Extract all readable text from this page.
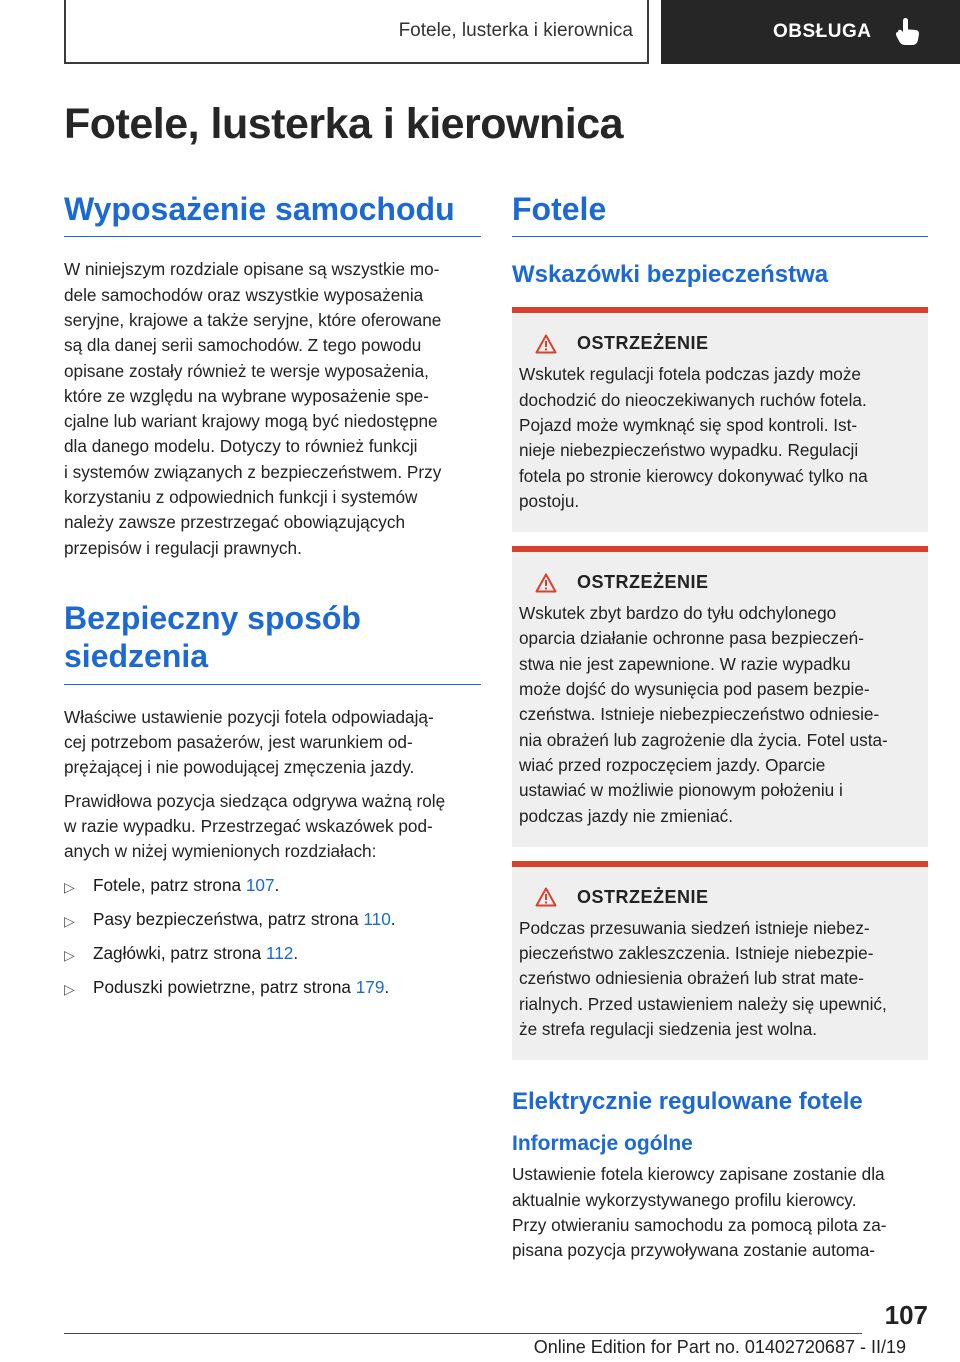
Fotele, lusterka i kierownica	OBSŁUGA
Fotele, lusterka i kierownica
Wyposażenie samochodu

W niniejszym rozdziale opisane są wszystkie mo-

dele samochodów oraz wszystkie wyposażenia

seryjne, krajowe a także seryjne, które oferowane

są dla danej serii samochodów. Z tego powodu

opisane zostały również te wersje wyposażenia,

które ze względu na wybrane wyposażenie spe-

cjalne lub wariant krajowy mogą być niedostępne

dla danego modelu. Dotyczy to również funkcji

i systemów związanych z bezpieczeństwem. Przy

korzystaniu z odpowiednich funkcji i systemów

należy zawsze przestrzegać obowiązujących

przepisów i regulacji prawnych.

Bezpieczny sposób
siedzenia

Właściwe ustawienie pozycji fotela odpowiadają-

cej potrzebom pasażerów, jest warunkiem od-

prężającej i nie powodującej zmęczenia jazdy.

Prawidłowa pozycja siedząca odgrywa ważną rolę

w razie wypadku. Przestrzegać wskazówek pod-

anych w niżej wymienionych rozdziałach:

▷	Fotele, patrz strona 107.
▷	Pasy bezpieczeństwa, patrz strona 110.
▷	Zagłówki, patrz strona 112.
▷	Poduszki powietrzne, patrz strona 179.
Fotele
Wskazówki bezpieczeństwa
OSTRZEŻENIE

Wskutek regulacji fotela podczas jazdy może

dochodzić do nieoczekiwanych ruchów fotela.

Pojazd może wymknąć się spod kontroli. Ist-

nieje niebezpieczeństwo wypadku. Regulacji

fotela po stronie kierowcy dokonywać tylko na

postoju.

OSTRZEŻENIE

Wskutek zbyt bardzo do tyłu odchylonego

oparcia działanie ochronne pasa bezpieczeń-

stwa nie jest zapewnione. W razie wypadku

może dojść do wysunięcia pod pasem bezpie-

czeństwa. Istnieje niebezpieczeństwo odniesie-

nia obrażeń lub zagrożenie dla życia. Fotel usta-

wiać przed rozpoczęciem jazdy. Oparcie

ustawiać w możliwie pionowym położeniu i

podczas jazdy nie zmieniać.

OSTRZEŻENIE

Podczas przesuwania siedzeń istnieje niebez-

pieczeństwo zakleszczenia. Istnieje niebezpie-

czeństwo odniesienia obrażeń lub strat mate-

rialnych. Przed ustawieniem należy się upewnić,

że strefa regulacji siedzenia jest wolna.

Elektrycznie regulowane fotele
Informacje ogólne

Ustawienie fotela kierowcy zapisane zostanie dla

aktualnie wykorzystywanego profilu kierowcy.

Przy otwieraniu samochodu za pomocą pilota za-

pisana pozycja przywoływana zostanie automa-

107
Online Edition for Part no. 01402720687 - II/19
